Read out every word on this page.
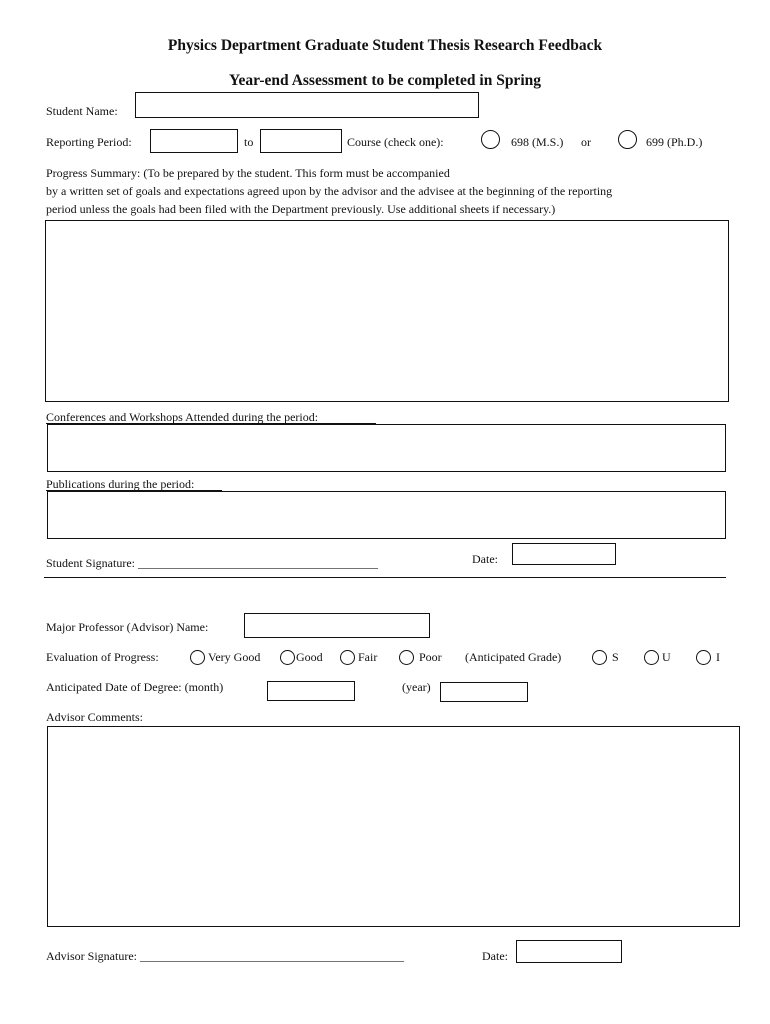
Physics Department Graduate Student Thesis Research Feedback
Year-end Assessment to be completed in Spring
Student Name:
Reporting Period:	to	Course (check one):	698 (M.S.) or	699 (Ph.D.)
Progress Summary: (To be prepared by the student. This form must be accompanied
by a written set of goals and expectations agreed upon by the advisor and the advisee at the beginning of the reporting
period unless the goals had been filed with the Department previously. Use additional sheets if necessary.)
Conferences and Workshops Attended during the period:
Publications during the period:
Student Signature: ________________________________________	Date:
Major Professor (Advisor) Name:
Evaluation of Progress:	Very Good	Good	Fair	Poor (Anticipated Grade)	S	U	I
Anticipated Date of Degree: (month)	(year)
Advisor Comments:
Advisor Signature: ____________________________________________	Date:
